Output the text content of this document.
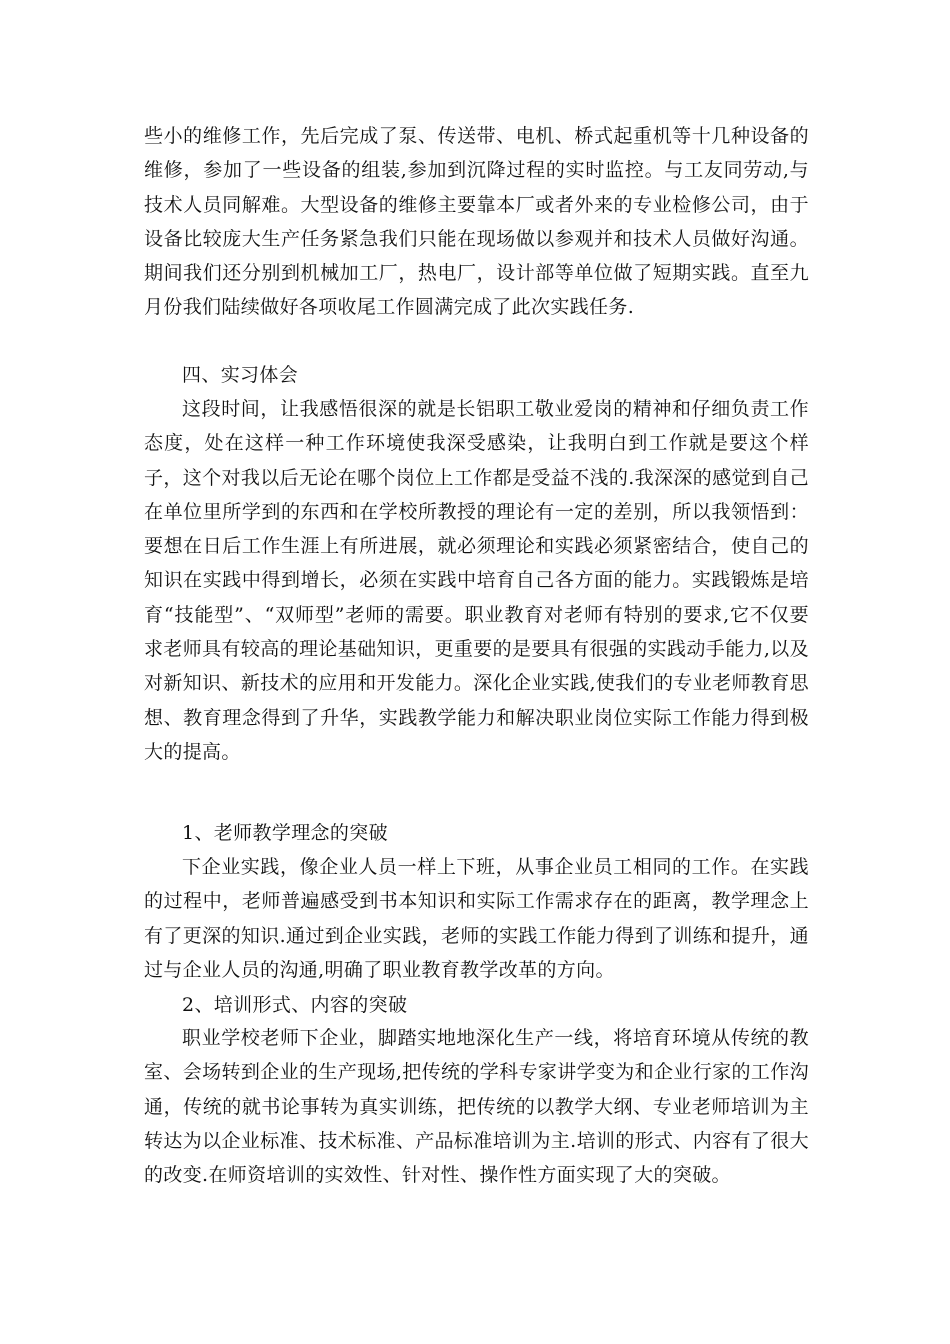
些小的维修工作，先后完成了泵、传送带、电机、桥式起重机等十几种设备的维修，参加了一些设备的组装,参加到沉降过程的实时监控。与工友同劳动,与技术人员同解难。大型设备的维修主要靠本厂或者外来的专业检修公司，由于设备比较庞大生产任务紧急我们只能在现场做以参观并和技术人员做好沟通。期间我们还分别到机械加工厂，热电厂，设计部等单位做了短期实践。直至九月份我们陆续做好各项收尾工作圆满完成了此次实践任务.

四、实习体会

这段时间，让我感悟很深的就是长铝职工敬业爱岗的精神和仔细负责工作态度，处在这样一种工作环境使我深受感染，让我明白到工作就是要这个样子，这个对我以后无论在哪个岗位上工作都是受益不浅的.我深深的感觉到自己在单位里所学到的东西和在学校所教授的理论有一定的差别，所以我领悟到：要想在日后工作生涯上有所进展，就必须理论和实践必须紧密结合，使自己的知识在实践中得到增长，必须在实践中培育自己各方面的能力。实践锻炼是培育“技能型”、“双师型”老师的需要。职业教育对老师有特别的要求,它不仅要求老师具有较高的理论基础知识，更重要的是要具有很强的实践动手能力,以及对新知识、新技术的应用和开发能力。深化企业实践,使我们的专业老师教育思想、教育理念得到了升华，实践教学能力和解决职业岗位实际工作能力得到极大的提高。

1、老师教学理念的突破

下企业实践，像企业人员一样上下班，从事企业员工相同的工作。在实践的过程中，老师普遍感受到书本知识和实际工作需求存在的距离，教学理念上有了更深的知识.通过到企业实践，老师的实践工作能力得到了训练和提升，通过与企业人员的沟通,明确了职业教育教学改革的方向。

2、培训形式、内容的突破

职业学校老师下企业，脚踏实地地深化生产一线，将培育环境从传统的教室、会场转到企业的生产现场,把传统的学科专家讲学变为和企业行家的工作沟通，传统的就书论事转为真实训练，把传统的以教学大纲、专业老师培训为主转达为以企业标准、技术标准、产品标准培训为主.培训的形式、内容有了很大的改变.在师资培训的实效性、针对性、操作性方面实现了大的突破。
